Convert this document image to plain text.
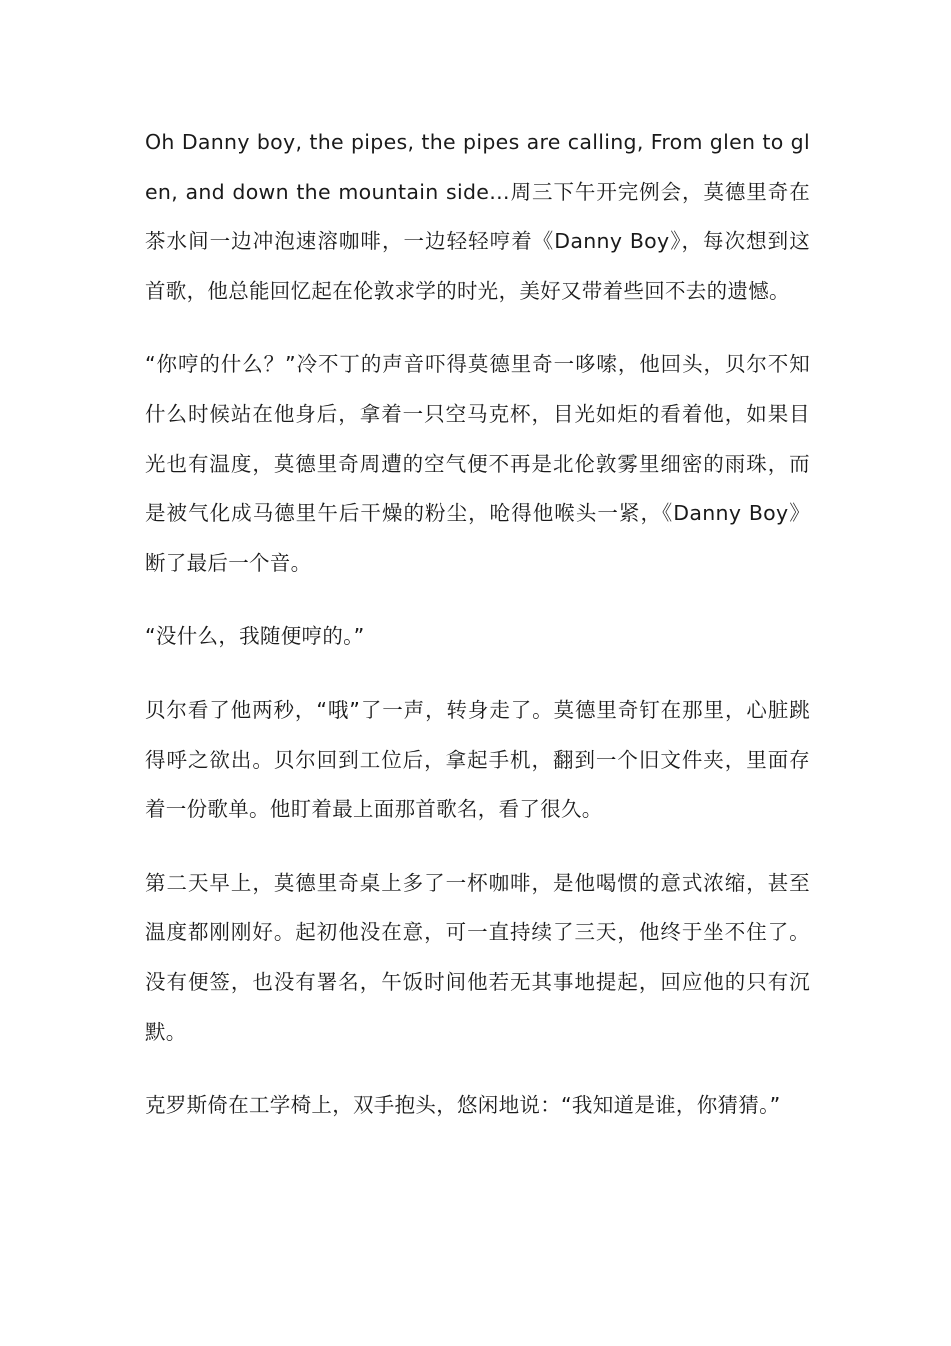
Oh Danny boy, the pipes, the pipes are calling, From glen to glen, and down the mountain side…周三下午开完例会，莫德里奇在茶水间一边冲泡速溶咖啡，一边轻轻哼着《Danny Boy》，每次想到这首歌，他总能回忆起在伦敦求学的时光，美好又带着些回不去的遗憾。

“你哼的什么？”冷不丁的声音吓得莫德里奇一哆嗦，他回头，贝尔不知什么时候站在他身后，拿着一只空马克杯，目光如炬的看着他，如果目光也有温度，莫德里奇周遭的空气便不再是北伦敦雾里细密的雨珠，而是被气化成马德里午后干燥的粉尘，呛得他喉头一紧，《Danny Boy》断了最后一个音。

“没什么，我随便哼的。”

贝尔看了他两秒，“哦”了一声，转身走了。莫德里奇钉在那里，心脏跳得呼之欲出。贝尔回到工位后，拿起手机，翻到一个旧文件夹，里面存着一份歌单。他盯着最上面那首歌名，看了很久。

第二天早上，莫德里奇桌上多了一杯咖啡，是他喝惯的意式浓缩，甚至温度都刚刚好。起初他没在意，可一直持续了三天，他终于坐不住了。没有便签，也没有署名，午饭时间他若无其事地提起，回应他的只有沉默。

克罗斯倚在工学椅上，双手抱头，悠闲地说：“我知道是谁，你猜猜。”
